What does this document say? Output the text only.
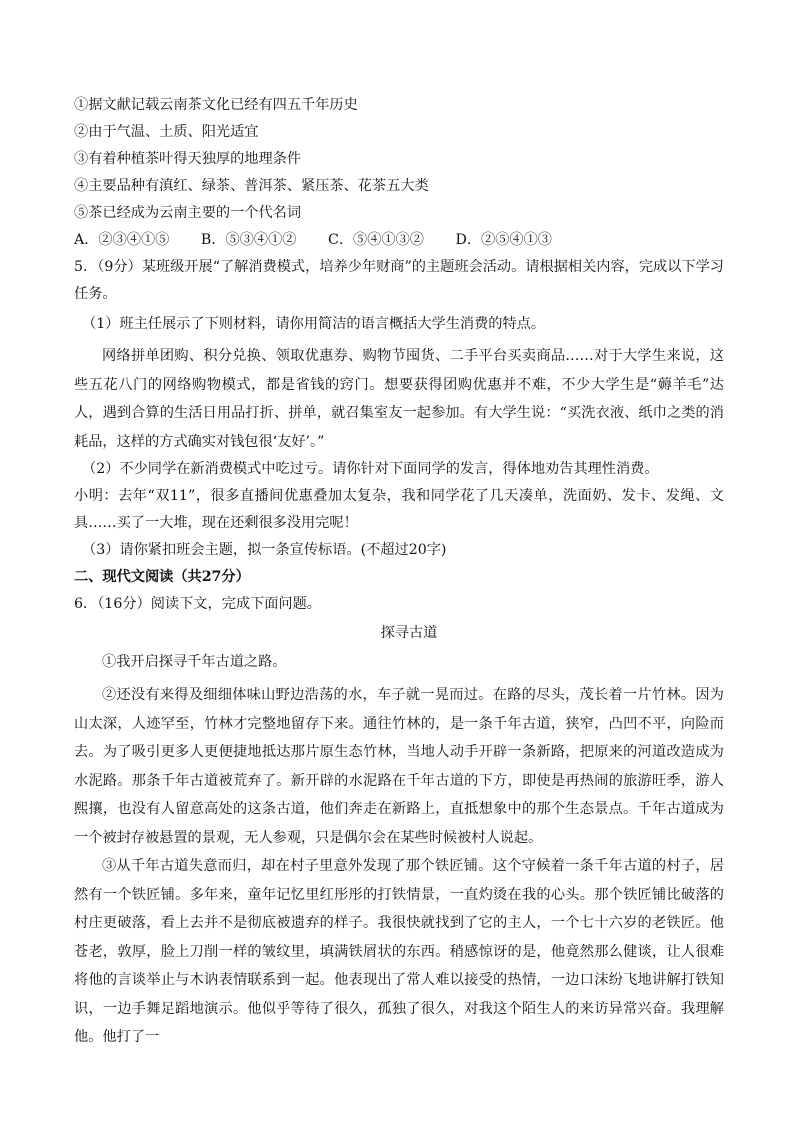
①据文献记载云南茶文化已经有四五千年历史
②由于气温、土质、阳光适宜
③有着种植茶叶得天独厚的地理条件
④主要品种有滇红、绿茶、普洱茶、紧压茶、花茶五大类
⑤茶已经成为云南主要的一个代名词
A．②③④①⑤ B．⑤③④①② C．⑤④①③② D．②⑤④①③
5．（9分）某班级开展“了解消费模式，培养少年财商”的主题班会活动。请根据相关内容，完成以下学习任务。
（1）班主任展示了下则材料，请你用简洁的语言概括大学生消费的特点。
网络拼单团购、积分兑换、领取优惠券、购物节囤货、二手平台买卖商品……对于大学生来说，这些五花八门的网络购物模式，都是省钱的窍门。想要获得团购优惠并不难，不少大学生是“薅羊毛”达人，遇到合算的生活日用品打折、拼单，就召集室友一起参加。有大学生说：“买洗衣液、纸巾之类的消耗品，这样的方式确实对钱包很‘友好’。”
（2）不少同学在新消费模式中吃过亏。请你针对下面同学的发言，得体地劝告其理性消费。
小明：去年“双11”，很多直播间优惠叠加太复杂，我和同学花了几天凑单，洗面奶、发卡、发绳、文具……买了一大堆，现在还剩很多没用完呢！
（3）请你紧扣班会主题，拟一条宣传标语。(不超过20字)
二、现代文阅读（共27分）
6．（16分）阅读下文，完成下面问题。
探寻古道
①我开启探寻千年古道之路。
②还没有来得及细细体味山野边浩荡的水，车子就一晃而过。在路的尽头，茂长着一片竹林。因为山太深，人迹罕至，竹林才完整地留存下来。通往竹林的，是一条千年古道，狭窄，凸凹不平，向险而去。为了吸引更多人更便捷地抵达那片原生态竹林，当地人动手开辟一条新路，把原来的河道改造成为水泥路。那条千年古道被荒弃了。新开辟的水泥路在千年古道的下方，即使是再热闹的旅游旺季，游人熙攘，也没有人留意高处的这条古道，他们奔走在新路上，直抵想象中的那个生态景点。千年古道成为一个被封存被悬置的景观，无人参观，只是偶尔会在某些时候被村人说起。
③从千年古道失意而归，却在村子里意外发现了那个铁匠铺。这个守候着一条千年古道的村子，居然有一个铁匠铺。多年来，童年记忆里红彤彤的打铁情景，一直灼烫在我的心头。那个铁匠铺比破落的村庄更破落，看上去并不是彻底被遗弃的样子。我很快就找到了它的主人，一个七十六岁的老铁匠。他苍老，敦厚，脸上刀削一样的皱纹里，填满铁屑状的东西。稍感惊讶的是，他竟然那么健谈，让人很难将他的言谈举止与木讷表情联系到一起。他表现出了常人难以接受的热情，一边口沫纷飞地讲解打铁知识，一边手舞足蹈地演示。他似乎等待了很久，孤独了很久，对我这个陌生人的来访异常兴奋。我理解他。他打了一
